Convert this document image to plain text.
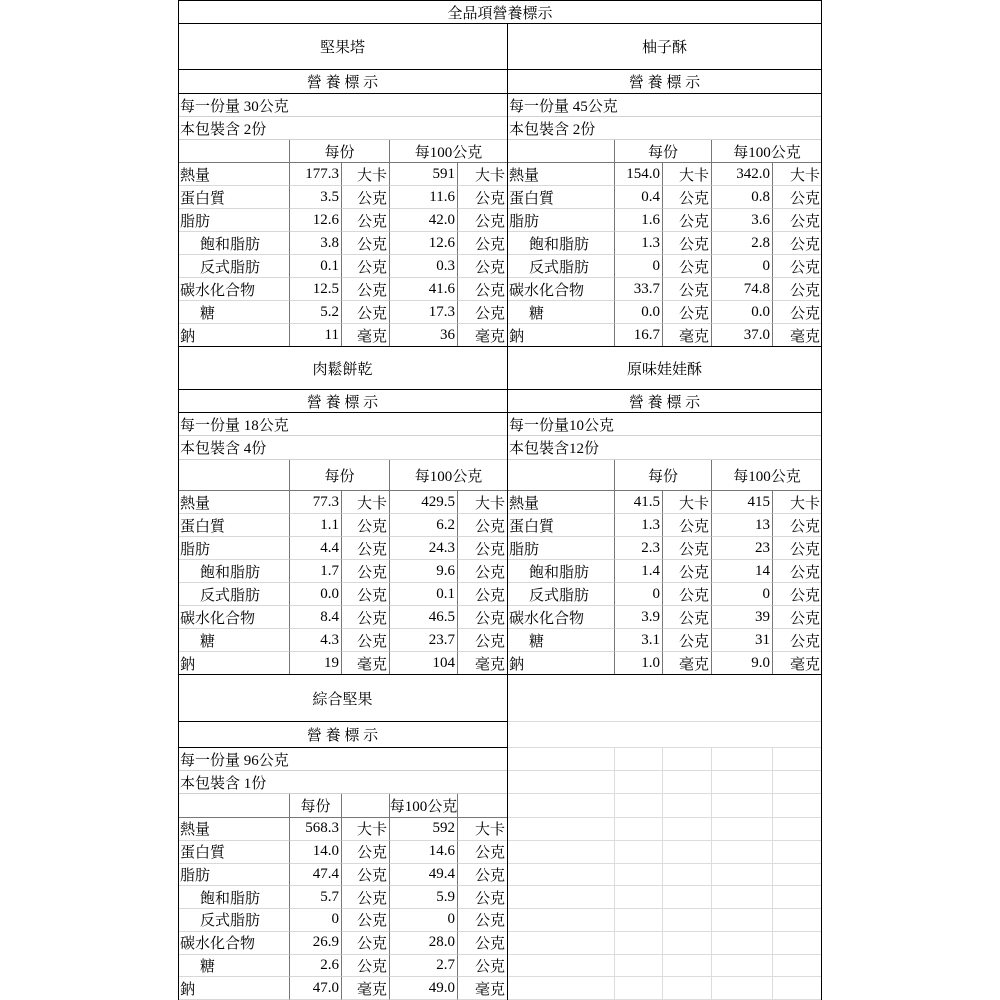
全品項營養標示
堅果塔
營 養 標 示
每一份量 30公克
本包裝含 2份
每份	每100公克
熱量	177.3	大卡	591	大卡
蛋白質	3.5	公克	11.6	公克
脂肪	12.6	公克	42.0	公克
飽和脂肪	3.8	公克	12.6	公克
反式脂肪	0.1	公克	0.3	公克
碳水化合物	12.5	公克	41.6	公克
糖	5.2	公克	17.3	公克
鈉	11	毫克	36	毫克
柚子酥
營 養 標 示
每一份量 45公克
本包裝含 2份
每份	每100公克
熱量	154.0	大卡	342.0	大卡
蛋白質	0.4	公克	0.8	公克
脂肪	1.6	公克	3.6	公克
飽和脂肪	1.3	公克	2.8	公克
反式脂肪	0	公克	0	公克
碳水化合物	33.7	公克	74.8	公克
糖	0.0	公克	0.0	公克
鈉	16.7	毫克	37.0	毫克
肉鬆餅乾
營 養 標 示
每一份量 18公克
本包裝含 4份
每份	每100公克
熱量	77.3	大卡	429.5	大卡
蛋白質	1.1	公克	6.2	公克
脂肪	4.4	公克	24.3	公克
飽和脂肪	1.7	公克	9.6	公克
反式脂肪	0.0	公克	0.1	公克
碳水化合物	8.4	公克	46.5	公克
糖	4.3	公克	23.7	公克
鈉	19	毫克	104	毫克
原味娃娃酥
營 養 標 示
每一份量10公克
本包裝含12份
每份	每100公克
熱量	41.5	大卡	415	大卡
蛋白質	1.3	公克	13	公克
脂肪	2.3	公克	23	公克
飽和脂肪	1.4	公克	14	公克
反式脂肪	0	公克	0	公克
碳水化合物	3.9	公克	39	公克
糖	3.1	公克	31	公克
鈉	1.0	毫克	9.0	毫克
綜合堅果
營 養 標 示
每一份量 96公克
本包裝含 1份
每份	每100公克
熱量	568.3	大卡	592	大卡
蛋白質	14.0	公克	14.6	公克
脂肪	47.4	公克	49.4	公克
飽和脂肪	5.7	公克	5.9	公克
反式脂肪	0	公克	0	公克
碳水化合物	26.9	公克	28.0	公克
糖	2.6	公克	2.7	公克
鈉	47.0	毫克	49.0	毫克
